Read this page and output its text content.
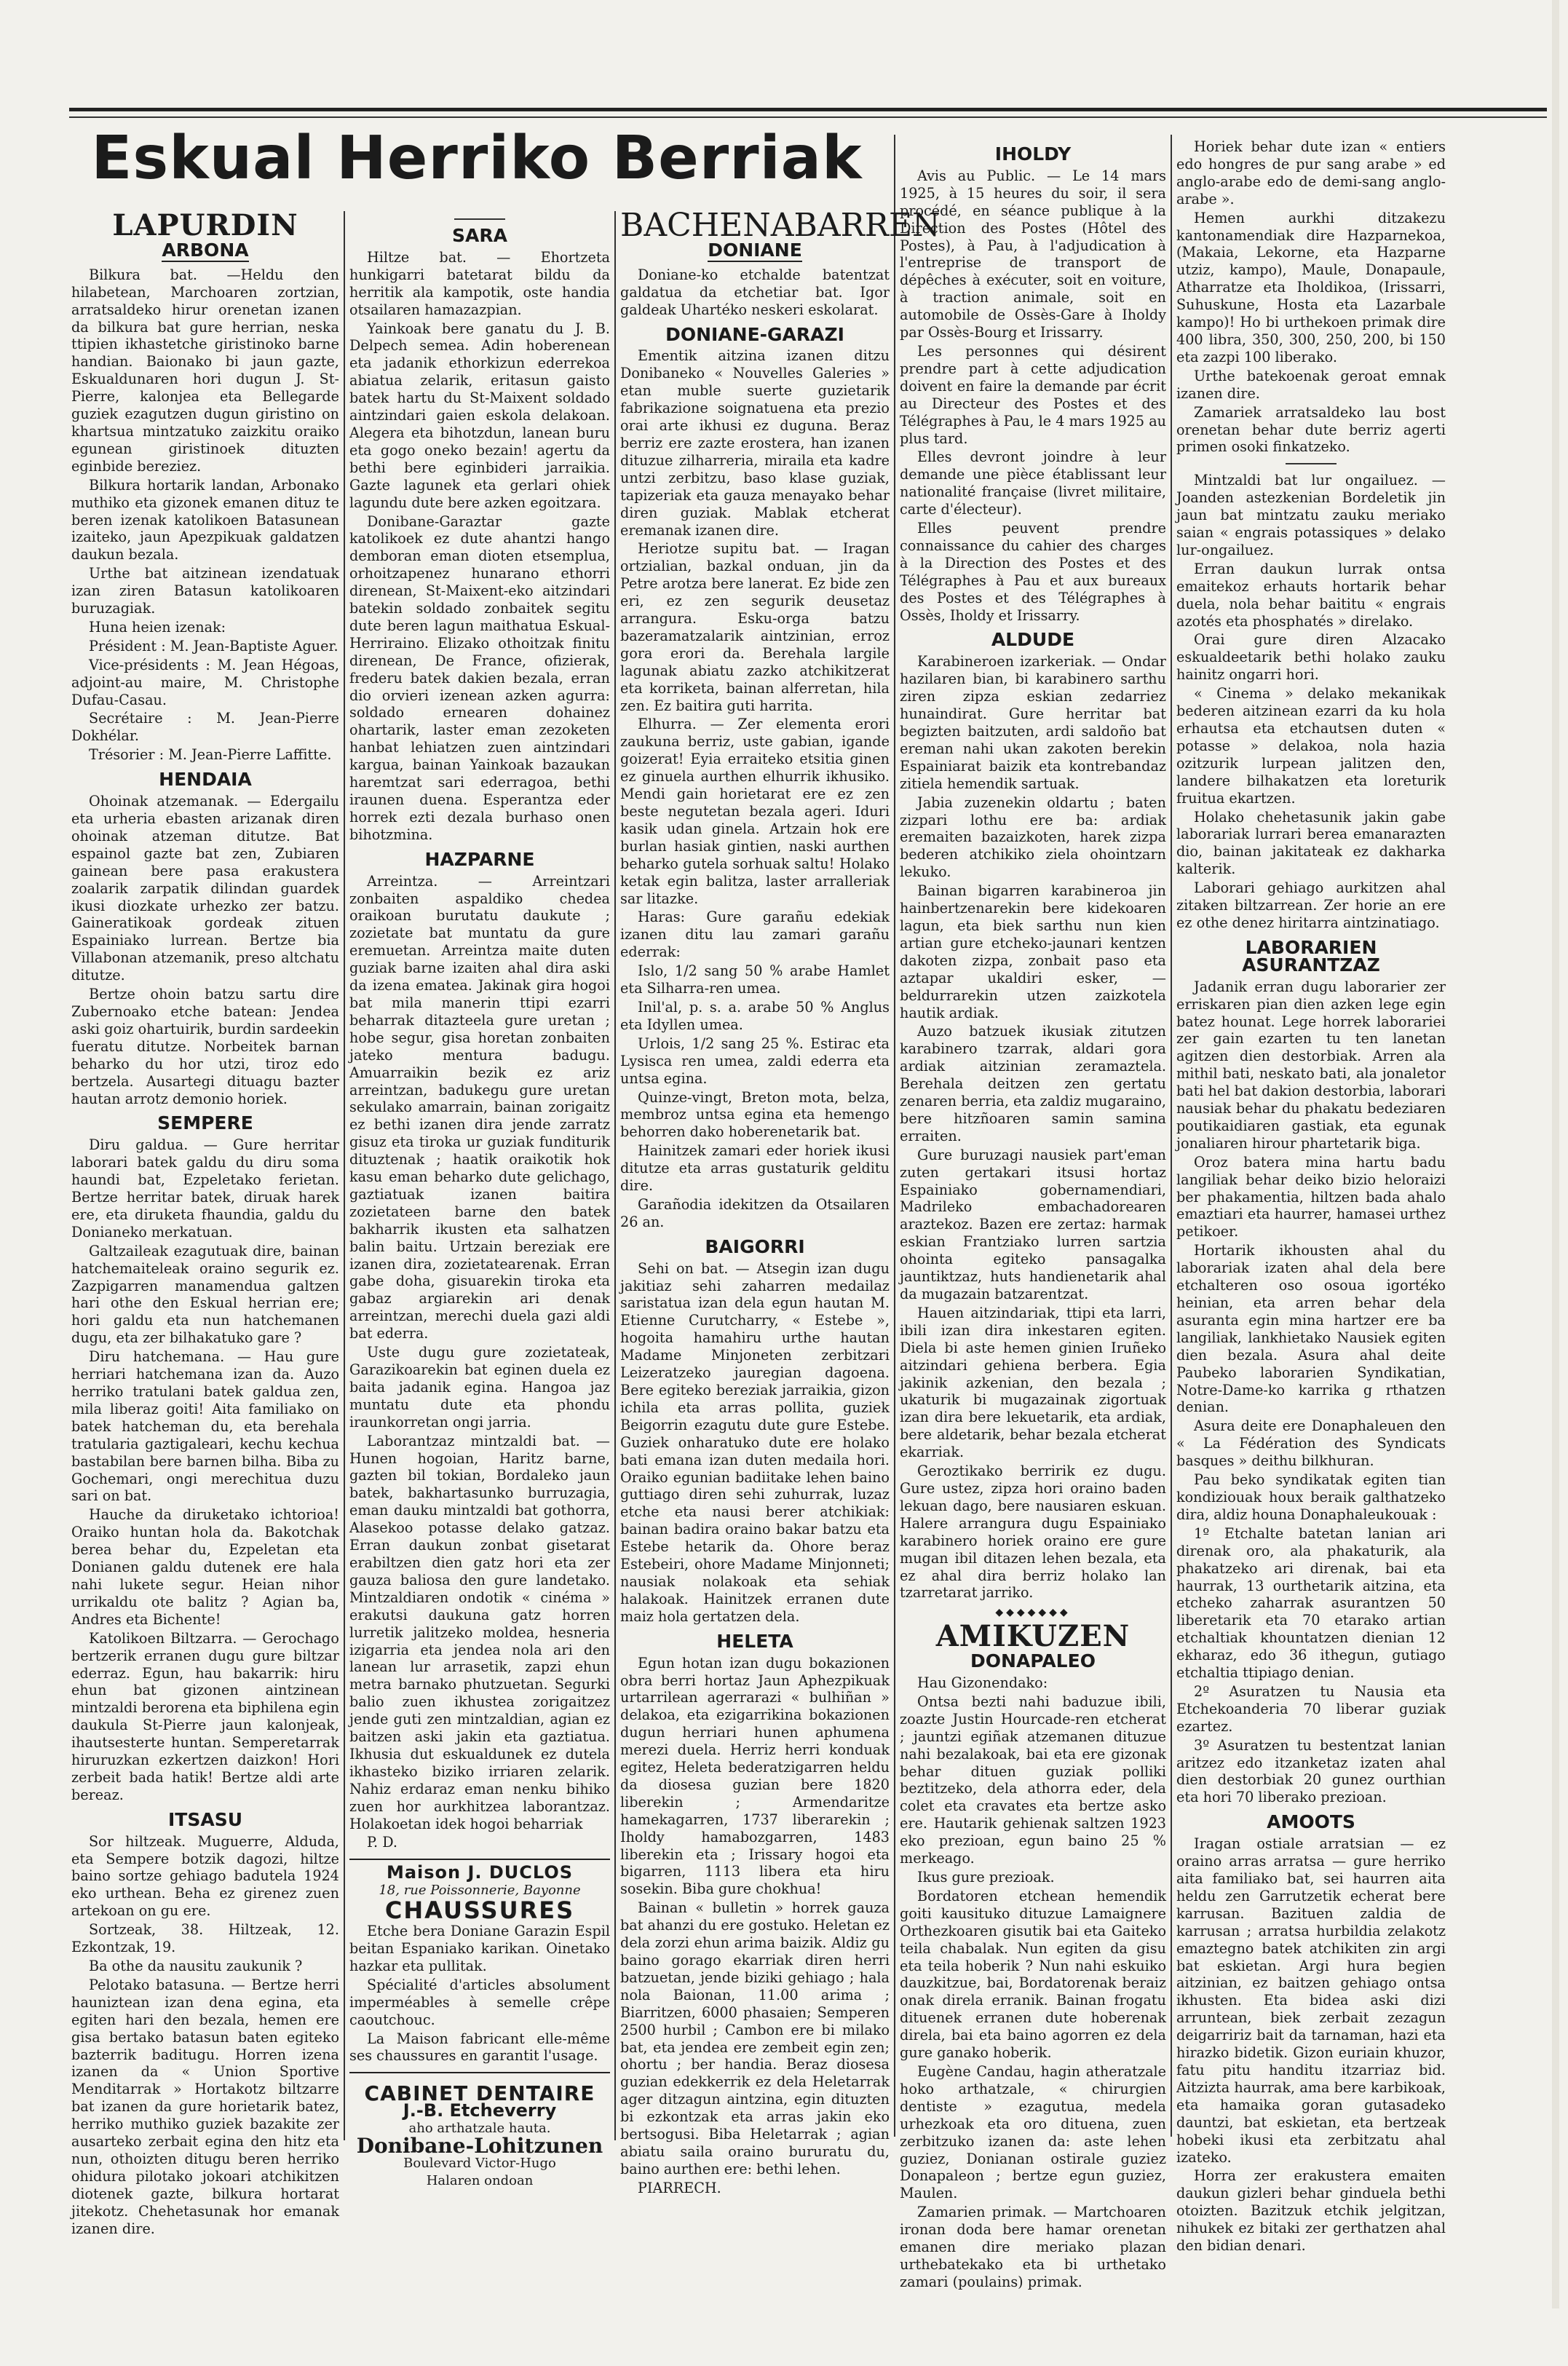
Eskual Herriko Berriak
LAPURDIN
ARBONA

Bilkura bat. —Heldu den hilabetean, Marchoaren zortzian, arratsaldeko hirur orenetan izanen da bilkura bat gure herrian, neska ttipien ikhastetche giristinoko barne handian. Baionako bi jaun gazte, Eskualdunaren hori dugun J. St-Pierre, kalonjea eta Bellegarde guziek ezagutzen dugun giristino on khartsua mintzatuko zaizkitu oraiko egunean giristinoek dituzten eginbide bereziez.

Bilkura hortarik landan, Arbonako muthiko eta gizonek emanen dituz te beren izenak katolikoen Batasunean izaiteko, jaun Apezpikuak galdatzen daukun bezala.

Urthe bat aitzinean izendatuak izan ziren Batasun katolikoaren buruzagiak.

Huna heien izenak:

Président : M. Jean-Baptiste Aguer.

Vice-présidents : M. Jean Hégoas, adjoint-au maire, M. Christophe Dufau-Casau.

Secrétaire : M. Jean-Pierre Dokhélar.

Trésorier : M. Jean-Pierre Laffitte.

HENDAIA

Ohoinak atzemanak. — Edergailu eta urheria ebasten arizanak diren ohoinak atzeman ditutze. Bat espainol gazte bat zen, Zubiaren gainean bere pasa erakustera zoalarik zarpatik dilindan guardek ikusi diozkate urhezko zer batzu. Gaineratikoak gordeak zituen Espainiako lurrean. Bertze bia Villabonan atzemanik, preso altchatu ditutze.

Bertze ohoin batzu sartu dire Zubernoako etche batean: Jendea aski goiz ohartuirik, burdin sardeekin fueratu ditutze. Norbeitek barnan beharko du hor utzi, tiroz edo bertzela. Ausartegi dituagu bazter hautan arrotz demonio horiek.

SEMPERE

Diru galdua. — Gure herritar laborari batek galdu du diru soma haundi bat, Ezpeletako ferietan. Bertze herritar batek, diruak harek ere, eta diruketa fhaundia, galdu du Donianeko merkatuan.

Galtzaileak ezagutuak dire, bainan hatchemaiteleak oraino segurik ez. Zazpigarren manamendua galtzen hari othe den Eskual herrian ere; hori galdu eta nun hatchemanen dugu, eta zer bilhakatuko gare ?

Diru hatchemana. — Hau gure herriari hatchemana izan da. Auzo herriko tratulani batek galdua zen, mila liberaz goiti! Aita familiako on batek hatcheman du, eta berehala tratularia gaztigaleari, kechu kechua bastabilan bere barnen bilha. Biba zu Gochemari, ongi merechitua duzu sari on bat.

Hauche da diruketako ichtorioa! Oraiko huntan hola da. Bakotchak berea behar du, Ezpeletan eta Donianen galdu dutenek ere hala nahi lukete segur. Heian nihor urrikaldu ote balitz ? Agian ba, Andres eta Bichente!

Katolikoen Biltzarra. — Gerochago bertzerik erranen dugu gure biltzar ederraz. Egun, hau bakarrik: hiru ehun bat gizonen aintzinean mintzaldi berorena eta biphilena egin daukula St-Pierre jaun kalonjeak, ihautsesterte huntan. Semperetarrak hiruruzkan ezkertzen daizkon! Hori zerbeit bada hatik! Bertze aldi arte bereaz.

ITSASU

Sor hiltzeak. Muguerre, Alduda, eta Sempere botzik dagozi, hiltze baino sortze gehiago badutela 1924 eko urthean. Beha ez girenez zuen artekoan on gu ere.

Sortzeak, 38. Hiltzeak, 12. Ezkontzak, 19.

Ba othe da nausitu zaukunik ?

Pelotako batasuna. — Bertze herri hauniztean izan dena egina, eta egiten hari den bezala, hemen ere gisa bertako batasun baten egiteko bazterrik baditugu. Horren izena izanen da « Union Sportive Menditarrak » Hortakotz biltzarre bat izanen da gure horietarik batez, herriko muthiko guziek bazakite zer ausarteko zerbait egina den hitz eta nun, othoizten ditugu beren herriko ohidura pilotako jokoari atchikitzen diotenek gazte, bilkura hortarat jitekotz. Chehetasunak hor emanak izanen dire.

SARA

Hiltze bat. — Ehortzeta hunkigarri batetarat bildu da herritik ala kampotik, oste handia otsailaren hamazazpian.

Yainkoak bere ganatu du J. B. Delpech semea. Adin hoberenean eta jadanik ethorkizun ederrekoa abiatua zelarik, eritasun gaisto batek hartu du St-Maixent soldado aintzindari gaien eskola delakoan. Alegera eta bihotzdun, lanean buru eta gogo oneko bezain! agertu da bethi bere eginbideri jarraikia. Gazte lagunek eta gerlari ohiek lagundu dute bere azken egoitzara.

Donibane-Garaztar gazte katolikoek ez dute ahantzi hango demboran eman dioten etsemplua, orhoitzapenez hunarano ethorri direnean, St-Maixent-eko aitzindari batekin soldado zonbaitek segitu dute beren lagun maithatua Eskual-Herriraino. Elizako othoitzak finitu direnean, De France, ofizierak, frederu batek dakien bezala, erran dio orvieri izenean azken agurra: soldado ernearen dohainez ohartarik, laster eman zezoketen hanbat lehiatzen zuen aintzindari kargua, bainan Yainkoak bazaukan haremtzat sari ederragoa, bethi iraunen duena. Esperantza eder horrek ezti dezala burhaso onen bihotzmina.

HAZPARNE

Arreintza. — Arreintzari zonbaiten aspaldiko chedea oraikoan burutatu daukute ; zozietate bat muntatu da gure eremuetan. Arreintza maite duten guziak barne izaiten ahal dira aski da izena ematea. Jakinak gira hogoi bat mila manerin ttipi ezarri beharrak ditazteela gure uretan ; hobe segur, gisa horetan zonbaiten jateko mentura badugu. Amuarraikin bezik ez ariz arreintzan, badukegu gure uretan sekulako amarrain, bainan zorigaitz ez bethi izanen dira jende zarratz gisuz eta tiroka ur guziak funditurik dituztenak ; haatik oraikotik hok kasu eman beharko dute gelichago, gaztiatuak izanen baitira zozietateen barne den batek bakharrik ikusten eta salhatzen balin baitu. Urtzain bereziak ere izanen dira, zozietatearenak. Erran gabe doha, gisuarekin tiroka eta gabaz argiarekin ari denak arreintzan, merechi duela gazi aldi bat ederra.

Uste dugu gure zozietateak, Garazikoarekin bat eginen duela ez baita jadanik egina. Hangoa jaz muntatu dute eta phondu iraunkorretan ongi jarria.

Laborantzaz mintzaldi bat. — Hunen hogoian, Haritz barne, gazten bil tokian, Bordaleko jaun batek, bakhartasunko burruzagia, eman dauku mintzaldi bat gothorra, Alasekoo potasse delako gatzaz. Erran daukun zonbat gisetarat erabiltzen dien gatz hori eta zer gauza baliosa den gure landetako. Mintzaldiaren ondotik « cinéma » erakutsi daukuna gatz horren lurretik jalitzeko moldea, hesneria izigarria eta jendea nola ari den lanean lur arrasetik, zapzi ehun metra barnako phutzuetan. Segurki balio zuen ikhustea zorigaitzez jende guti zen mintzaldian, agian ez baitzen aski jakin eta gaztiatua. Ikhusia dut eskualdunek ez dutela ikhasteko biziko irriaren zelarik. Nahiz erdaraz eman nenku bihiko zuen hor aurkhitzea laborantzaz. Holakoetan idek hogoi beharriak

P. D.

Maison J. DUCLOS
18, rue Poissonnerie, Bayonne
CHAUSSURES

Etche bera Doniane Garazin Espil beitan Espaniako karikan. Oinetako hazkar eta pullitak.

Spécialité d'articles absolument imperméables à semelle crêpe caoutchouc.

La Maison fabricant elle-même ses chaussures en garantit l'usage.

CABINET DENTAIRE
J.-B. Etcheverry
aho arthatzale hauta.
Donibane-Lohitzunen
Boulevard Victor-Hugo
Halaren ondoan
BACHENABARREN
DONIANE

Doniane-ko etchalde batentzat galdatua da etchetiar bat. Igor galdeak Uhartéko neskeri eskolarat.

DONIANE-GARAZI

Ementik aitzina izanen ditzu Donibaneko « Nouvelles Galeries » etan muble suerte guzietarik fabrikazione soignatuena eta prezio orai arte ikhusi ez duguna. Beraz berriz ere zazte erostera, han izanen dituzue zilharreria, miraila eta kadre untzi zerbitzu, baso klase guziak, tapizeriak eta gauza menayako behar diren guziak. Mablak etcherat eremanak izanen dire.

Heriotze supitu bat. — Iragan ortzialian, bazkal onduan, jin da Petre arotza bere lanerat. Ez bide zen eri, ez zen segurik deusetaz arrangura. Esku-orga batzu bazeramatzalarik aintzinian, erroz gora erori da. Berehala largile lagunak abiatu zazko atchikitzerat eta korriketa, bainan alferretan, hila zen. Ez baitira guti harrita.

Elhurra. — Zer elementa erori zaukuna berriz, uste gabian, igande goizerat! Eyia erraiteko etsitia ginen ez ginuela aurthen elhurrik ikhusiko. Mendi gain horietarat ere ez zen beste negutetan bezala ageri. Iduri kasik udan ginela. Artzain hok ere burlan hasiak gintien, naski aurthen beharko gutela sorhuak saltu! Holako ketak egin balitza, laster arralleriak sar litazke.

Haras: Gure garañu edekiak izanen ditu lau zamari garañu ederrak:

Islo, 1/2 sang 50 % arabe Hamlet eta Silharra-ren umea.

Inil'al, p. s. a. arabe 50 % Anglus eta Idyllen umea.

Urlois, 1/2 sang 25 %. Estirac eta Lysisca ren umea, zaldi ederra eta untsa egina.

Quinze-vingt, Breton mota, belza, membroz untsa egina eta hemengo behorren dako hoberenetarik bat.

Hainitzek zamari eder horiek ikusi ditutze eta arras gustaturik gelditu dire.

Garañodia idekitzen da Otsailaren 26 an.

BAIGORRI

Sehi on bat. — Atsegin izan dugu jakitiaz sehi zaharren medailaz saristatua izan dela egun hautan M. Etienne Curutcharry, « Estebe », hogoita hamahiru urthe hautan Madame Minjoneten zerbitzari Leizeratzeko jauregian dagoena. Bere egiteko bereziak jarraikia, gizon ichila eta arras pollita, guziek Beigorrin ezagutu dute gure Estebe. Guziek onharatuko dute ere holako bati emana izan duten medaila hori. Oraiko egunian badiitake lehen baino guttiago diren sehi zuhurrak, luzaz etche eta nausi berer atchikiak: bainan badira oraino bakar batzu eta Estebe hetarik da. Ohore beraz Estebeiri, ohore Madame Minjonneti; nausiak nolakoak eta sehiak halakoak. Hainitzek erranen dute maiz hola gertatzen dela.

HELETA

Egun hotan izan dugu bokazionen obra berri hortaz Jaun Aphezpikuak urtarrilean agerrarazi « bulhiñan » delakoa, eta ezigarrikina bokazionen dugun herriari hunen aphumena merezi duela. Herriz herri konduak egitez, Heleta bederatzigarren heldu da diosesa guzian bere 1820 liberekin ; Armendaritze hamekagarren, 1737 liberarekin ; Iholdy hamabozgarren, 1483 liberekin eta ; Irissary hogoi eta bigarren, 1113 libera eta hiru sosekin. Biba gure chokhua!

Bainan « bulletin » horrek gauza bat ahanzi du ere gostuko. Heletan ez dela zorzi ehun arima baizik. Aldiz gu baino gorago ekarriak diren herri batzuetan, jende biziki gehiago ; hala nola Baionan, 11.00 arima ; Biarritzen, 6000 phasaien; Semperen 2500 hurbil ; Cambon ere bi milako bat, eta jendea ere zembeit egin zen; ohortu ; ber handia. Beraz diosesa guzian edekkerrik ez dela Heletarrak ager ditzagun aintzina, egin dituzten bi ezkontzak eta arras jakin eko bertsogusi. Biba Heletarrak ; agian abiatu saila oraino bururatu du, baino aurthen ere: bethi lehen.

PIARRECH.

IHOLDY

Avis au Public. — Le 14 mars 1925, à 15 heures du soir, il sera procédé, en séance publique à la Direction des Postes (Hôtel des Postes), à Pau, à l'adjudication à l'entreprise de transport de dépêches à exécuter, soit en voiture, à traction animale, soit en automobile de Ossès-Gare à Iholdy par Ossès-Bourg et Irissarry.

Les personnes qui désirent prendre part à cette adjudication doivent en faire la demande par écrit au Directeur des Postes et des Télégraphes à Pau, le 4 mars 1925 au plus tard.

Elles devront joindre à leur demande une pièce établissant leur nationalité française (livret militaire, carte d'électeur).

Elles peuvent prendre connaissance du cahier des charges à la Direction des Postes et des Télégraphes à Pau et aux bureaux des Postes et des Télégraphes à Ossès, Iholdy et Irissarry.

ALDUDE

Karabineroen izarkeriak. — Ondar hazilaren bian, bi karabinero sarthu ziren zipza eskian zedarriez hunaindirat. Gure herritar bat begizten baitzuten, ardi saldoño bat ereman nahi ukan zakoten berekin Espainiarat baizik eta kontrebandaz zitiela hemendik sartuak.

Jabia zuzenekin oldartu ; baten zizpari lothu ere ba: ardiak eremaiten bazaizkoten, harek zizpa bederen atchikiko ziela ohointzarn lekuko.

Bainan bigarren karabineroa jin hainbertzenarekin bere kidekoaren lagun, eta biek sarthu nun kien artian gure etcheko-jaunari kentzen dakoten zizpa, zonbait paso eta aztapar ukaldiri esker, — beldurrarekin utzen zaizkotela hautik ardiak.

Auzo batzuek ikusiak zitutzen karabinero tzarrak, aldari gora ardiak aitzinian zeramaztela. Berehala deitzen zen gertatu zenaren berria, eta zaldiz mugaraino, bere hitzñoaren samin samina erraiten.

Gure buruzagi nausiek part'eman zuten gertakari itsusi hortaz Espainiako gobernamendiari, Madrileko embachadorearen araztekoz. Bazen ere zertaz: harmak eskian Frantziako lurren sartzia ohointa egiteko pansagalka jauntiktzaz, huts handienetarik ahal da mugazain batzarentzat.

Hauen aitzindariak, ttipi eta larri, ibili izan dira inkestaren egiten. Diela bi aste hemen ginien Iruñeko aitzindari gehiena berbera. Egia jakinik azkenian, den bezala ; ukaturik bi mugazainak zigortuak izan dira bere lekuetarik, eta ardiak, bere aldetarik, behar bezala etcherat ekarriak.

Geroztikako berririk ez dugu. Gure ustez, zipza hori oraino baden lekuan dago, bere nausiaren eskuan. Halere arrangura dugu Espainiako karabinero horiek oraino ere gure mugan ibil ditazen lehen bezala, eta ez ahal dira berriz holako lan tzarretarat jarriko.

◆◆◆◆◆◆◆
AMIKUZEN
DONAPALEO

Hau Gizonendako:

Ontsa bezti nahi baduzue ibili, zoazte Justin Hourcade-ren etcherat ; jauntzi egiñak atzemanen dituzue nahi bezalakoak, bai eta ere gizonak behar dituen guziak polliki beztitzeko, dela athorra eder, dela colet eta cravates eta bertze asko ere. Hautarik gehienak saltzen 1923 eko prezioan, egun baino 25 % merkeago.

Ikus gure prezioak.

Bordatoren etchean hemendik goiti kausituko dituzue Lamaignere Orthezkoaren gisutik bai eta Gaiteko teila chabalak. Nun egiten da gisu eta teila hoberik ? Nun nahi eskuiko dauzkitzue, bai, Bordatorenak beraiz onak direla erranik. Bainan frogatu dituenek erranen dute hoberenak direla, bai eta baino agorren ez dela gure ganako hoberik.

Eugène Candau, hagin atheratzale hoko arthatzale, « chirurgien dentiste » ezagutua, medela urhezkoak eta oro dituena, zuen zerbitzuko izanen da: aste lehen guziez, Donianan ostirale guziez Donapaleon ; bertze egun guziez, Maulen.

Zamarien primak. — Martchoaren ironan doda bere hamar orenetan emanen dire meriako plazan urthebatekako eta bi urthetako zamari (poulains) primak.

Horiek behar dute izan « entiers edo hongres de pur sang arabe » ed anglo-arabe edo de demi-sang anglo-arabe ».

Hemen aurkhi ditzakezu kantonamendiak dire Hazparnekoa, (Makaia, Lekorne, eta Hazparne utziz, kampo), Maule, Donapaule, Atharratze eta Iholdikoa, (Irissarri, Suhuskune, Hosta eta Lazarbale kampo)! Ho bi urthekoen primak dire 400 libra, 350, 300, 250, 200, bi 150 eta zazpi 100 liberako.

Urthe batekoenak geroat emnak izanen dire.

Zamariek arratsaldeko lau bost orenetan behar dute berriz agerti primen osoki finkatzeko.

Mintzaldi bat lur ongailuez. — Joanden astezkenian Bordeletik jin jaun bat mintzatu zauku meriako saian « engrais potassiques » delako lur-ongailuez.

Erran daukun lurrak ontsa emaitekoz erhauts hortarik behar duela, nola behar baititu « engrais azotés eta phosphatés » direlako.

Orai gure diren Alzacako eskualdeetarik bethi holako zauku hainitz ongarri hori.

« Cinema » delako mekanikak bederen aitzinean ezarri da ku hola erhautsa eta etchautsen duten « potasse » delakoa, nola hazia ozitzurik lurpean jalitzen den, landere bilhakatzen eta loreturik fruitua ekartzen.

Holako chehetasunik jakin gabe laborariak lurrari berea emanarazten dio, bainan jakitateak ez dakharka kalterik.

Laborari gehiago aurkitzen ahal zitaken biltzarrean. Zer horie an ere ez othe denez hiritarra aintzinatiago.

LABORARIEN ASURANTZAZ

Jadanik erran dugu laborarier zer erriskaren pian dien azken lege egin batez hounat. Lege horrek laborariei zer gain ezarten tu ten lanetan agitzen dien destorbiak. Arren ala mithil bati, neskato bati, ala jonaletor bati hel bat dakion destorbia, laborari nausiak behar du phakatu bedeziaren poutikaidiaren gastiak, eta egunak jonaliaren hirour phartetarik biga.

Oroz batera mina hartu badu langiliak behar deiko bizio heloraizi ber phakamentia, hiltzen bada ahalo emaztiari eta haurrer, hamasei urthez petikoer.

Hortarik ikhousten ahal du laborariak izaten ahal dela bere etchalteren oso osoua igortéko heinian, eta arren behar dela asuranta egin mina hartzer ere ba langiliak, lankhietako Nausiek egiten dien bezala. Asura ahal deite Paubeko laborarien Syndikatian, Notre-Dame-ko karrika g rthatzen denian.

Asura deite ere Donaphaleuen den « La Fédération des Syndicats basques » deithu bilkhuran.

Pau beko syndikatak egiten tian kondiziouak houx beraik galthatzeko dira, aldiz houna Donaphaleukouak :

1º Etchalte batetan lanian ari direnak oro, ala phakaturik, ala phakatzeko ari direnak, bai eta haurrak, 13 ourthetarik aitzina, eta etcheko zaharrak asurantzen 50 liberetarik eta 70 etarako artian etchaltiak khountatzen dienian 12 ekharaz, edo 36 ithegun, gutiago etchaltia ttipiago denian.

2º Asuratzen tu Nausia eta Etchekoanderia 70 liberar guziak ezartez.

3º Asuratzen tu bestentzat lanian aritzez edo itzanketaz izaten ahal dien destorbiak 20 gunez ourthian eta hori 70 liberako prezioan.

AMOOTS

Iragan ostiale arratsian — ez oraino arras arratsa — gure herriko aita familiako bat, sei haurren aita heldu zen Garrutzetik echerat bere karrusan. Bazituen zaldia de karrusan ; arratsa hurbildia zelakotz emaztegno batek atchikiten zin argi bat eskietan. Argi hura begien aitzinian, ez baitzen gehiago ontsa ikhusten. Eta bidea aski dizi arruntean, biek zerbait zezagun deigarririz bait da tarnaman, hazi eta hirazko bidetik. Gizon euriain khuzor, fatu pitu handitu itzarriaz bid. Aitzizta haurrak, ama bere karbikoak, eta hamaika goran gutasadeko dauntzi, bat eskietan, eta bertzeak hobeki ikusi eta zerbitzatu ahal izateko.

Horra zer erakustera emaiten daukun gizleri behar ginduela bethi otoizten. Bazitzuk etchik jelgitzan, nihukek ez bitaki zer gerthatzen ahal den bidian denari.
